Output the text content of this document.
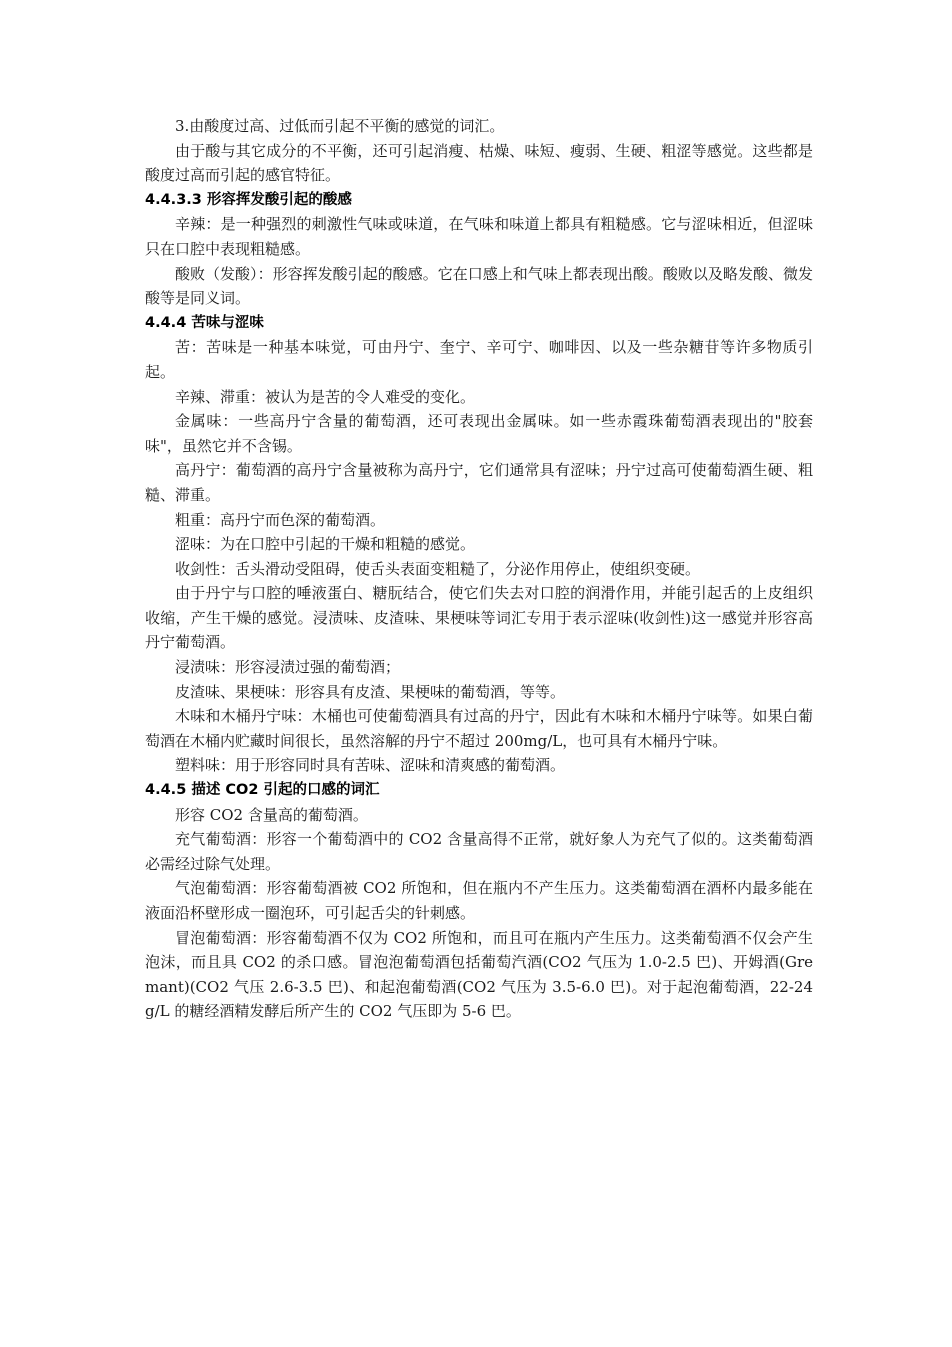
3.由酸度过高、过低而引起不平衡的感觉的词汇。

由于酸与其它成分的不平衡，还可引起消瘦、枯燥、味短、瘦弱、生硬、粗涩等感觉。这些都是酸度过高而引起的感官特征。

4.4.3.3 形容挥发酸引起的酸感

辛辣：是一种强烈的刺激性气味或味道，在气味和味道上都具有粗糙感。它与涩味相近，但涩味只在口腔中表现粗糙感。

酸败（发酸）：形容挥发酸引起的酸感。它在口感上和气味上都表现出酸。酸败以及略发酸、微发酸等是同义词。

4.4.4 苦味与涩味

苦：苦味是一种基本味觉，可由丹宁、奎宁、辛可宁、咖啡因、以及一些杂糖苷等许多物质引起。

辛辣、滞重：被认为是苦的令人难受的变化。

金属味：一些高丹宁含量的葡萄酒，还可表现出金属味。如一些赤霞珠葡萄酒表现出的"胶套味"，虽然它并不含锡。

高丹宁：葡萄酒的高丹宁含量被称为高丹宁，它们通常具有涩味；丹宁过高可使葡萄酒生硬、粗糙、滞重。

粗重：高丹宁而色深的葡萄酒。

涩味：为在口腔中引起的干燥和粗糙的感觉。

收剑性：舌头滑动受阻碍，使舌头表面变粗糙了，分泌作用停止，使组织变硬。

由于丹宁与口腔的唾液蛋白、糖朊结合，使它们失去对口腔的润滑作用，并能引起舌的上皮组织收缩，产生干燥的感觉。浸渍味、皮渣味、果梗味等词汇专用于表示涩味(收剑性)这一感觉并形容高丹宁葡萄酒。

浸渍味：形容浸渍过强的葡萄酒；

皮渣味、果梗味：形容具有皮渣、果梗味的葡萄酒，等等。

木味和木桶丹宁味：木桶也可使葡萄酒具有过高的丹宁，因此有木味和木桶丹宁味等。如果白葡萄酒在木桶内贮藏时间很长，虽然溶解的丹宁不超过 200mg/L，也可具有木桶丹宁味。

塑料味：用于形容同时具有苦味、涩味和清爽感的葡萄酒。

4.4.5 描述 CO2 引起的口感的词汇

形容 CO2 含量高的葡萄酒。

充气葡萄酒：形容一个葡萄酒中的 CO2 含量高得不正常，就好象人为充气了似的。这类葡萄酒必需经过除气处理。

气泡葡萄酒：形容葡萄酒被 CO2 所饱和，但在瓶内不产生压力。这类葡萄酒在酒杯内最多能在液面沿杯壁形成一圈泡环，可引起舌尖的针刺感。

冒泡葡萄酒：形容葡萄酒不仅为 CO2 所饱和，而且可在瓶内产生压力。这类葡萄酒不仅会产生泡沫，而且具 CO2 的杀口感。冒泡泡葡萄酒包括葡萄汽酒(CO2 气压为 1.0-2.5 巴)、开姆酒(Gremant)(CO2 气压 2.6-3.5 巴)、和起泡葡萄酒(CO2 气压为 3.5-6.0 巴)。对于起泡葡萄酒，22-24g/L 的糖经酒精发酵后所产生的 CO2 气压即为 5-6 巴。
